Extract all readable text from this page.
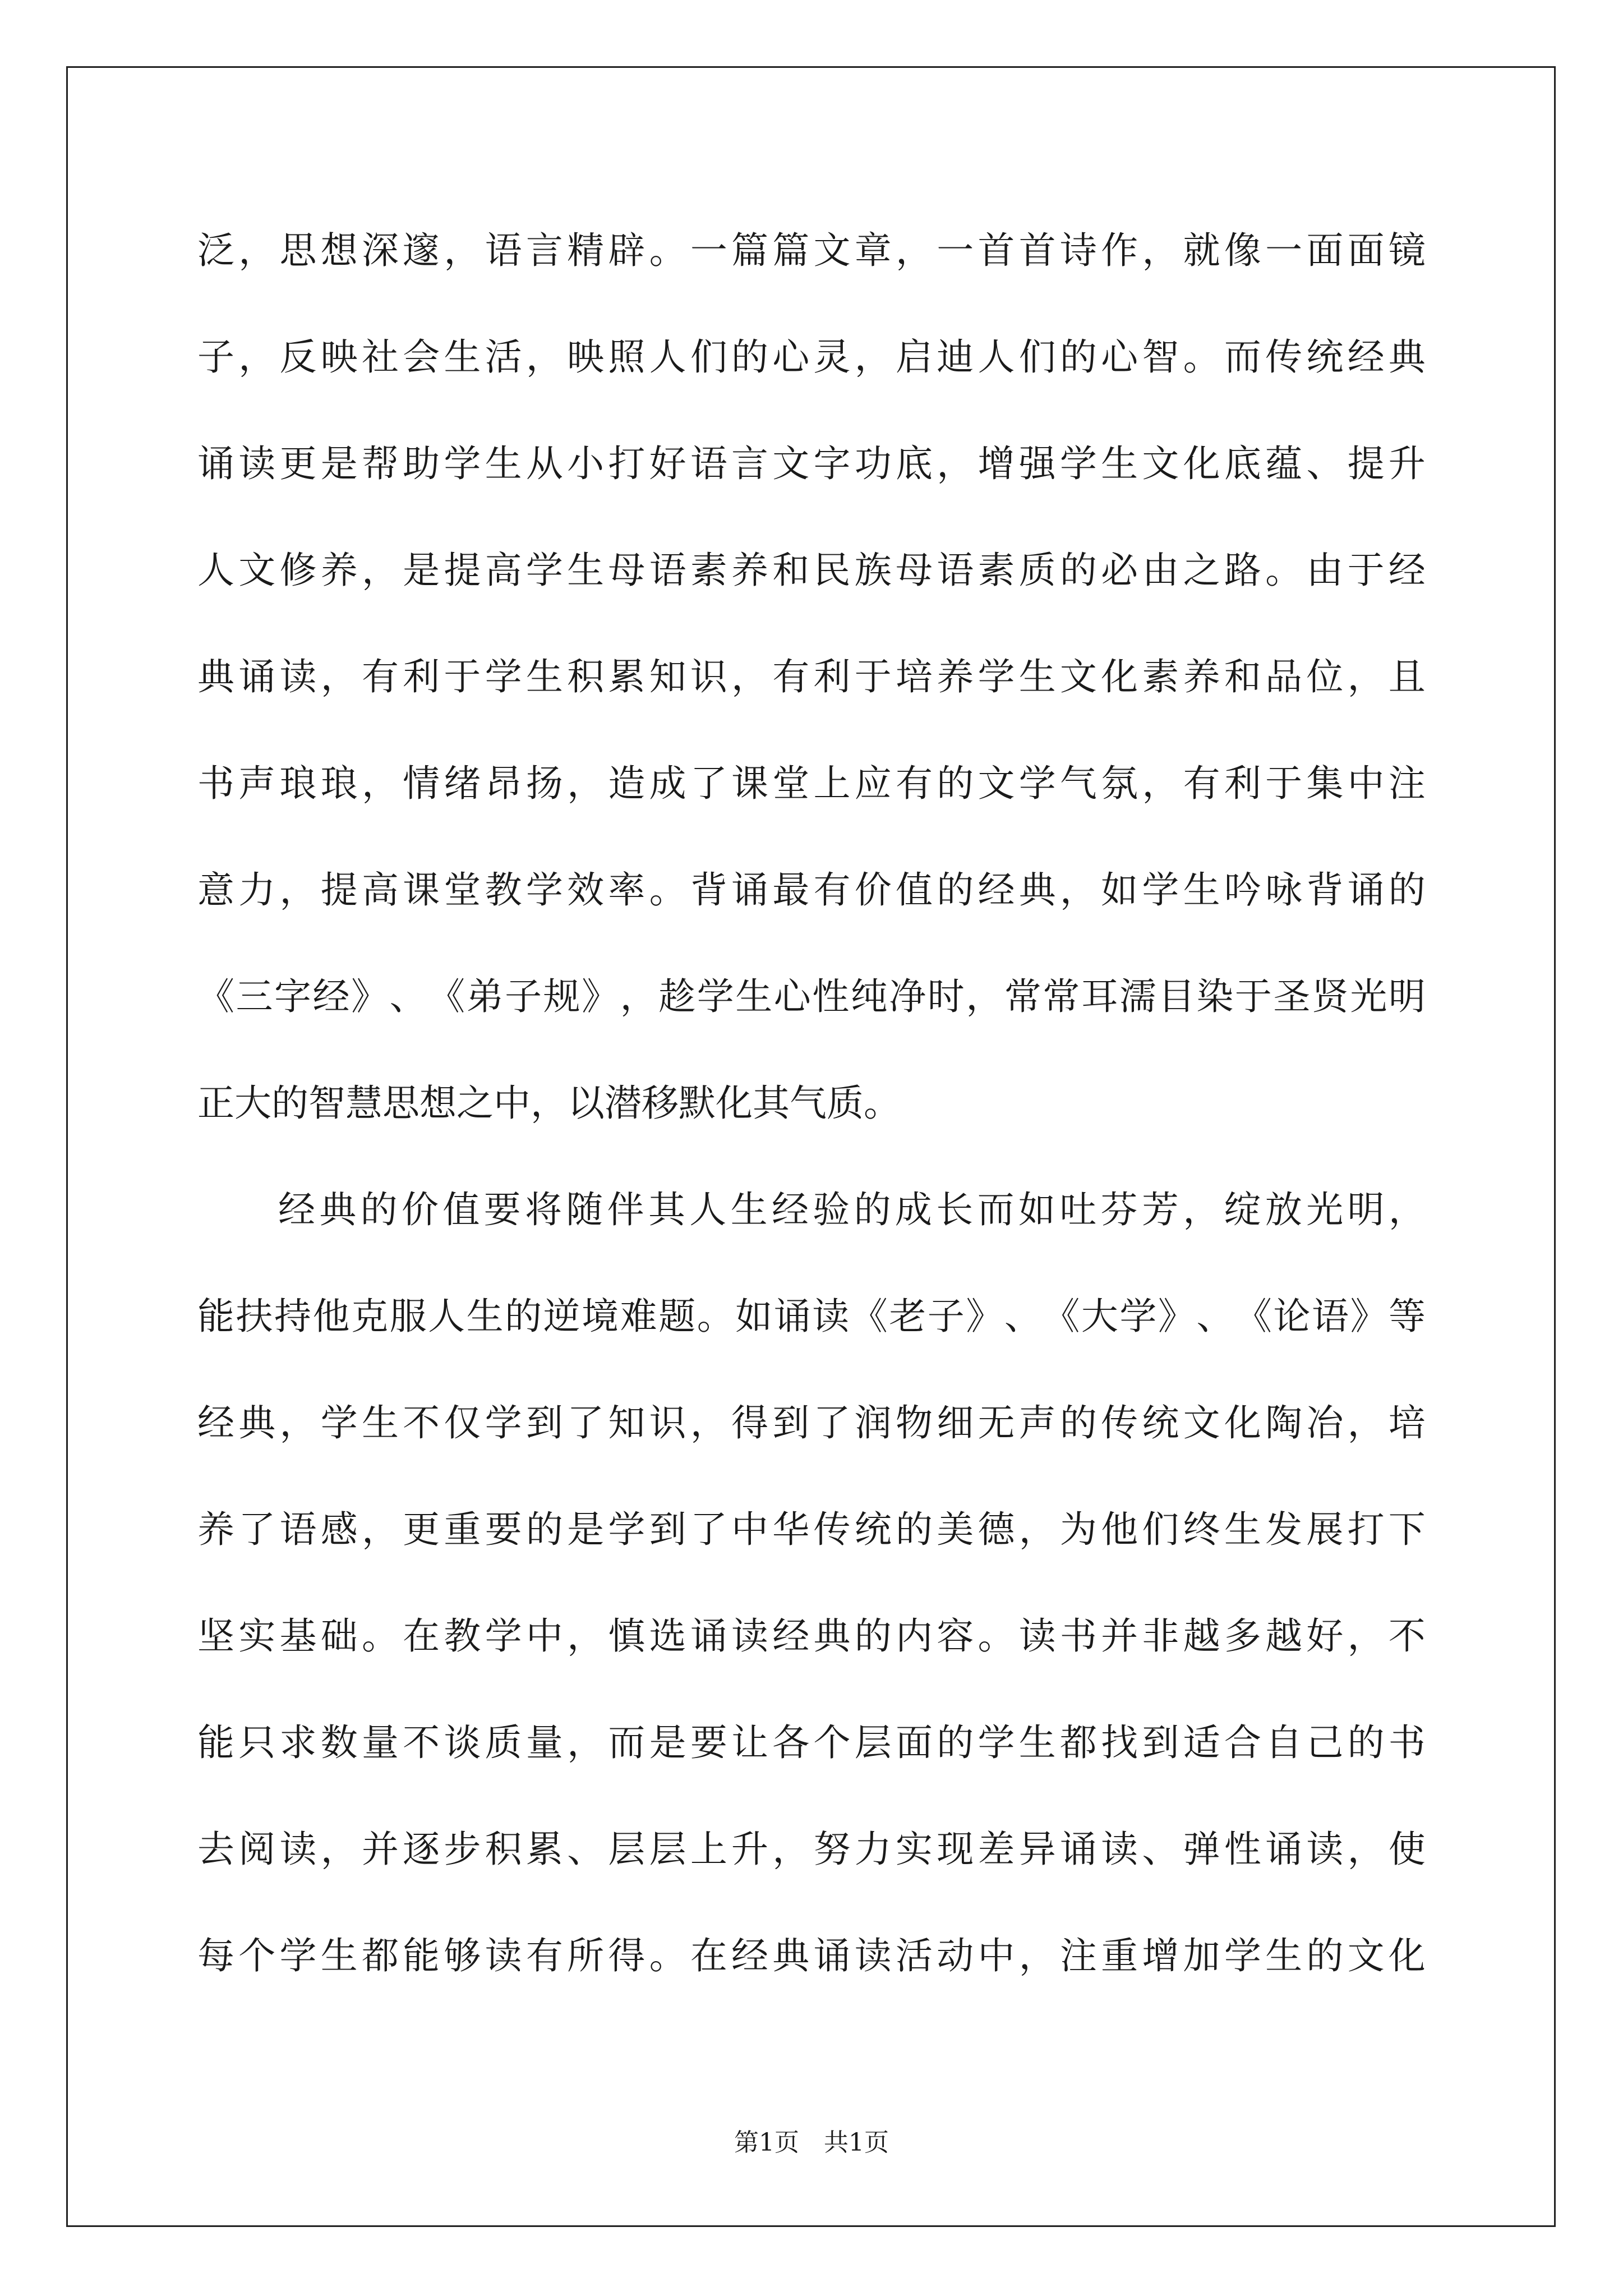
泛 ， 思 想 深 邃 ， 语 言 精 辟 。 一 篇 篇 文 章 ， 一 首 首 诗 作 ， 就 像 一 面 面 镜
子 ， 反 映 社 会 生 活 ， 映 照 人 们 的 心 灵 ， 启 迪 人 们 的 心 智 。 而 传 统 经 典
诵 读 更 是 帮 助 学 生 从 小 打 好 语 言 文 字 功 底 ， 增 强 学 生 文 化 底 蕴 、 提 升
人 文 修 养 ， 是 提 高 学 生 母 语 素 养 和 民 族 母 语 素 质 的 必 由 之 路 。 由 于 经
典 诵 读 ， 有 利 于 学 生 积 累 知 识 ， 有 利 于 培 养 学 生 文 化 素 养 和 品 位 ， 且
书 声 琅 琅 ， 情 绪 昂 扬 ， 造 成 了 课 堂 上 应 有 的 文 学 气 氛 ， 有 利 于 集 中 注
意 力 ， 提 高 课 堂 教 学 效 率 。 背 诵 最 有 价 值 的 经 典 ， 如 学 生 吟 咏 背 诵 的
《 三 字 经 》 、 《 弟 子 规 》 ， 趁 学 生 心 性 纯 净 时 ， 常 常 耳 濡 目 染 于 圣 贤 光 明
正 大 的 智 慧 思 想 之 中 ， 以 潜 移 默 化 其 气 质 。
经 典 的 价 值 要 将 随 伴 其 人 生 经 验 的 成 长 而 如 吐 芬 芳 ， 绽 放 光 明 ，
能 扶 持 他 克 服 人 生 的 逆 境 难 题 。 如 诵 读 《 老 子 》 、 《 大 学 》 、 《 论 语 》 等
经 典 ， 学 生 不 仅 学 到 了 知 识 ， 得 到 了 润 物 细 无 声 的 传 统 文 化 陶 冶 ， 培
养 了 语 感 ， 更 重 要 的 是 学 到 了 中 华 传 统 的 美 德 ， 为 他 们 终 生 发 展 打 下
坚 实 基 础 。 在 教 学 中 ， 慎 选 诵 读 经 典 的 内 容 。 读 书 并 非 越 多 越 好 ， 不
能 只 求 数 量 不 谈 质 量 ， 而 是 要 让 各 个 层 面 的 学 生 都 找 到 适 合 自 己 的 书
去 阅 读 ， 并 逐 步 积 累 、 层 层 上 升 ， 努 力 实 现 差 异 诵 读 、 弹 性 诵 读 ， 使
每 个 学 生 都 能 够 读 有 所 得 。 在 经 典 诵 读 活 动 中 ， 注 重 增 加 学 生 的 文 化
第1页　共1页
